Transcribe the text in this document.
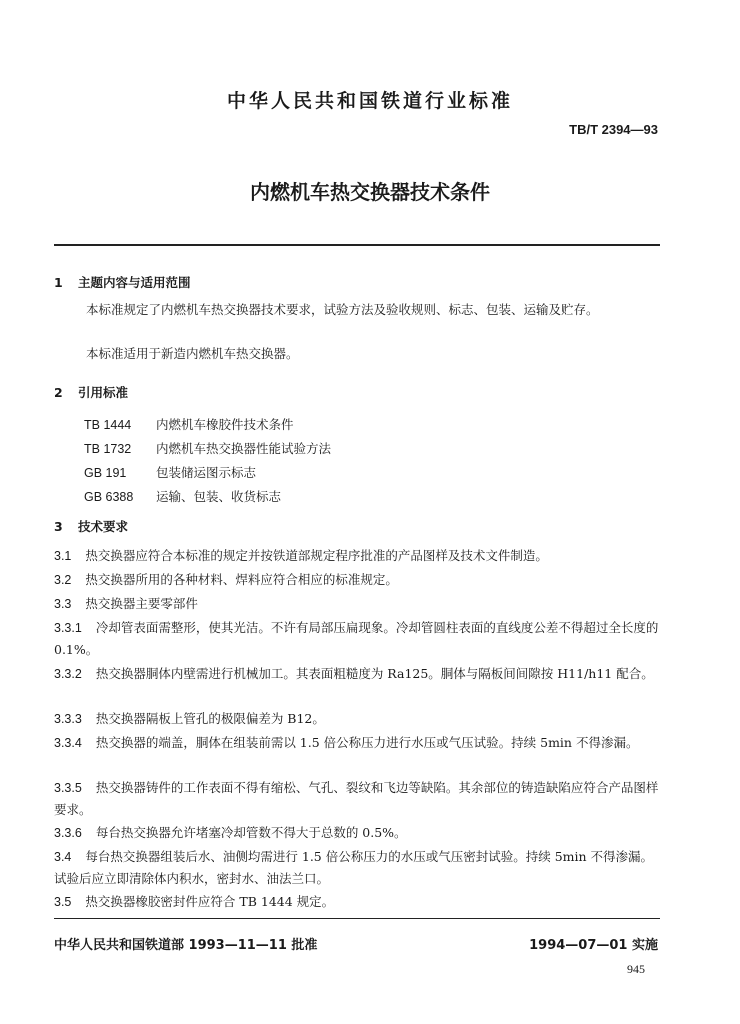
中华人民共和国铁道行业标准
TB/T 2394—93
内燃机车热交换器技术条件
1 主题内容与适用范围
本标准规定了内燃机车热交换器技术要求，试验方法及验收规则、标志、包装、运输及贮存。
本标准适用于新造内燃机车热交换器。
2 引用标准
TB 1444 内燃机车橡胶件技术条件
TB 1732 内燃机车热交换器性能试验方法
GB 191 包装储运图示标志
GB 6388 运输、包装、收货标志
3 技术要求
3.1 热交换器应符合本标准的规定并按铁道部规定程序批准的产品图样及技术文件制造。
3.2 热交换器所用的各种材料、焊料应符合相应的标准规定。
3.3 热交换器主要零部件
3.3.1 冷却管表面需整形，使其光洁。不许有局部压扁现象。冷却管圆柱表面的直线度公差不得超过全长度的 0.1%。
3.3.2 热交换器胴体内壁需进行机械加工。其表面粗糙度为 Ra125。胴体与隔板间间隙按 H11/h11 配合。
3.3.3 热交换器隔板上管孔的极限偏差为 B12。
3.3.4 热交换器的端盖，胴体在组装前需以 1.5 倍公称压力进行水压或气压试验。持续 5min 不得渗漏。
3.3.5 热交换器铸件的工作表面不得有缩松、气孔、裂纹和飞边等缺陷。其余部位的铸造缺陷应符合产品图样要求。
3.3.6 每台热交换器允许堵塞冷却管数不得大于总数的 0.5%。
3.4 每台热交换器组装后水、油侧均需进行 1.5 倍公称压力的水压或气压密封试验。持续 5min 不得渗漏。试验后应立即清除体内积水，密封水、油法兰口。
3.5 热交换器橡胶密封件应符合 TB 1444 规定。
中华人民共和国铁道部 1993—11—11 批准	1994—07—01 实施
945
